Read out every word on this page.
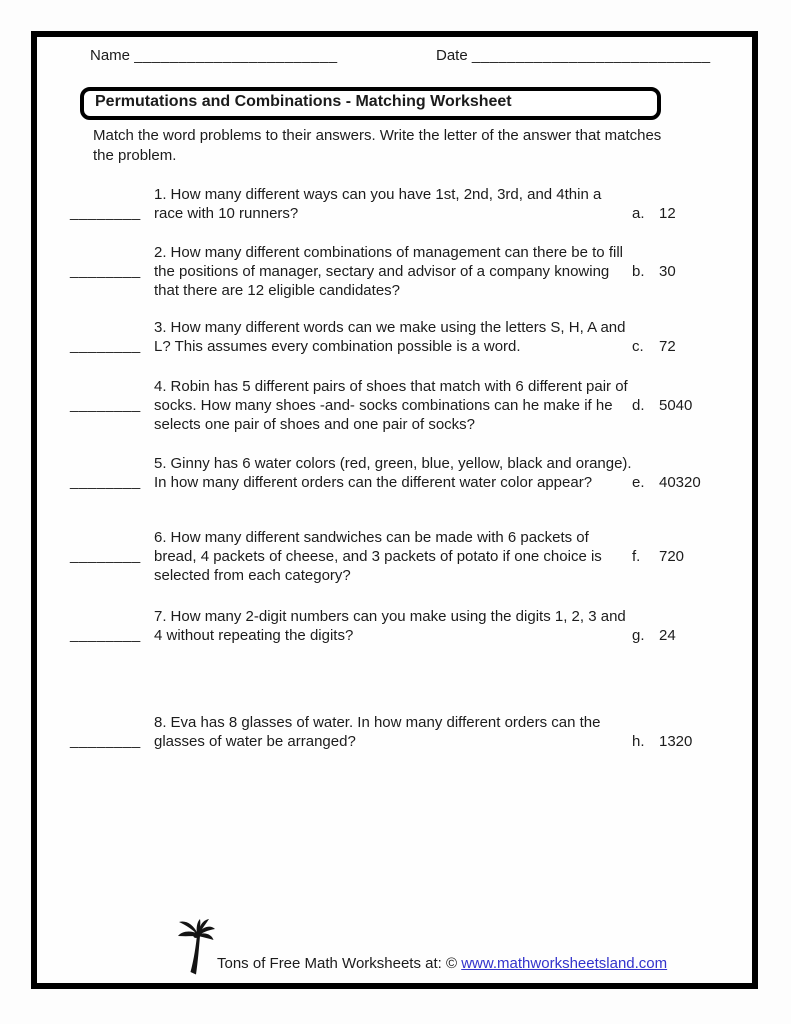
Name _______________________	Date ___________________________
Permutations and Combinations - Matching Worksheet
Match the word problems to their answers. Write the letter of the answer that matches the problem.
________
1. How many different ways can you have 1st, 2nd, 3rd, and 4thin a race with 10 runners?	a. 12
________
2. How many different combinations of management can there be to fill the positions of manager, sectary and advisor of a company knowing that there are 12 eligible candidates?
b. 30
________
3. How many different words can we make using the letters S, H, A and L? This assumes every combination possible is a word.	c.	72
________
4. Robin has 5 different pairs of shoes that match with 6 different pair of socks. How many shoes -and- socks combinations can he make if he selects one pair of shoes and one pair of socks?
d. 5040
________
5. Ginny has 6 water colors (red, green, blue, yellow, black and orange). In how many different orders can the different water color appear?	e. 40320
________
6. How many different sandwiches can be made with 6 packets of bread, 4 packets of cheese, and 3 packets of potato if one choice is selected from each category?
f.	720
________
7. How many 2-digit numbers can you make using the digits 1, 2, 3 and 4 without repeating the digits?	g. 24
________
8. Eva has 8 glasses of water. In how many different orders can the glasses of water be arranged?	h. 1320
Tons of Free Math Worksheets at: © www.mathworksheetsland.com
